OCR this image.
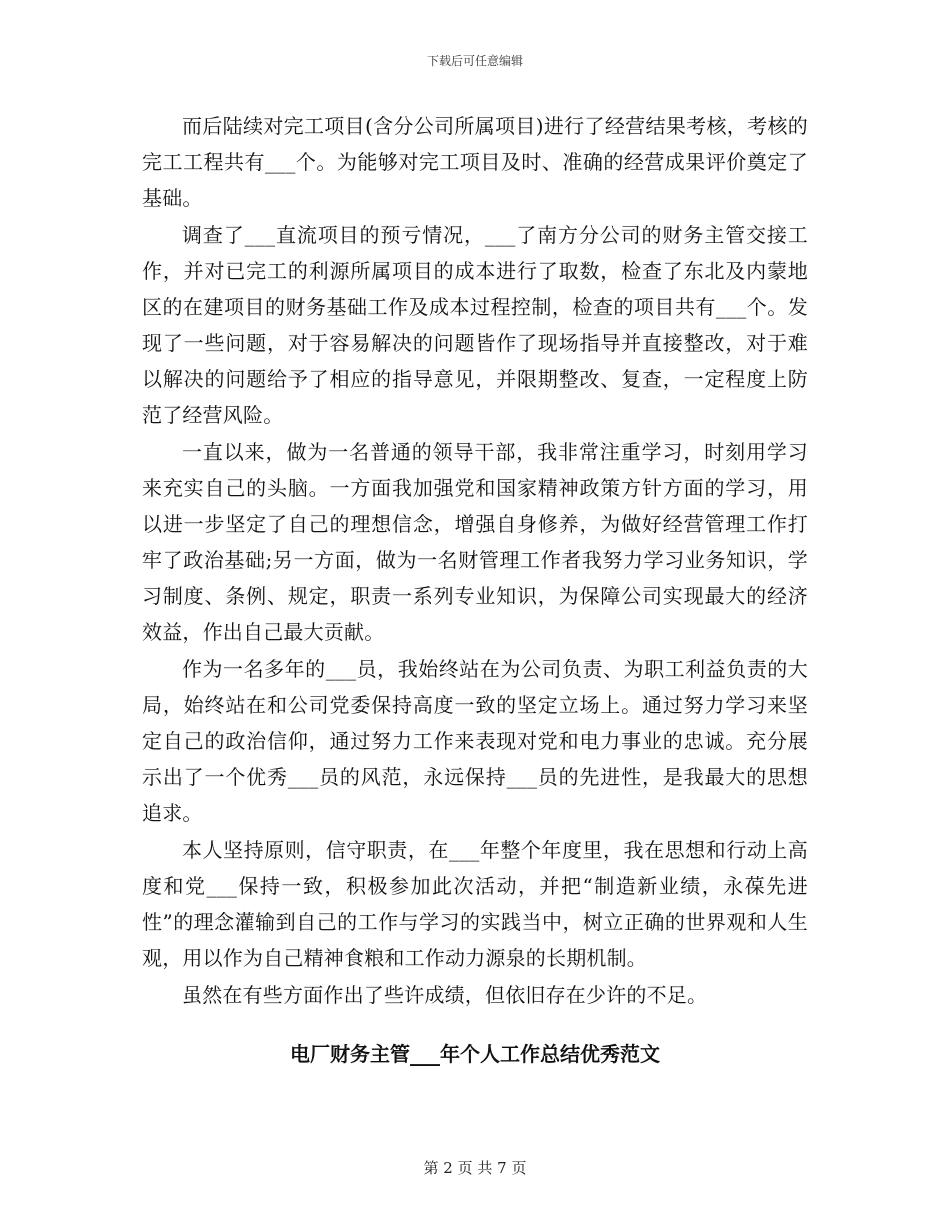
下载后可任意编辑

而后陆续对完工项目(含分公司所属项目)进行了经营结果考核，考核的完工工程共有___个。为能够对完工项目及时、准确的经营成果评价奠定了基础。

调查了___直流项目的预亏情况，___了南方分公司的财务主管交接工作，并对已完工的利源所属项目的成本进行了取数，检查了东北及内蒙地区的在建项目的财务基础工作及成本过程控制，检查的项目共有___个。发现了一些问题，对于容易解决的问题皆作了现场指导并直接整改，对于难以解决的问题给予了相应的指导意见，并限期整改、复查，一定程度上防范了经营风险。

一直以来，做为一名普通的领导干部，我非常注重学习，时刻用学习来充实自己的头脑。一方面我加强党和国家精神政策方针方面的学习，用以进一步坚定了自己的理想信念，增强自身修养，为做好经营管理工作打牢了政治基础;另一方面，做为一名财管理工作者我努力学习业务知识，学习制度、条例、规定，职责一系列专业知识，为保障公司实现最大的经济效益，作出自己最大贡献。

作为一名多年的___员，我始终站在为公司负责、为职工利益负责的大局，始终站在和公司党委保持高度一致的坚定立场上。通过努力学习来坚定自己的政治信仰，通过努力工作来表现对党和电力事业的忠诚。充分展示出了一个优秀___员的风范，永远保持___员的先进性，是我最大的思想追求。

本人坚持原则，信守职责，在___年整个年度里，我在思想和行动上高度和党___保持一致，积极参加此次活动，并把“制造新业绩，永葆先进性”的理念灌输到自己的工作与学习的实践当中，树立正确的世界观和人生观，用以作为自己精神食粮和工作动力源泉的长期机制。

虽然在有些方面作出了些许成绩，但依旧存在少许的不足。

电厂财务主管___年个人工作总结优秀范文
第 2 页 共 7 页
